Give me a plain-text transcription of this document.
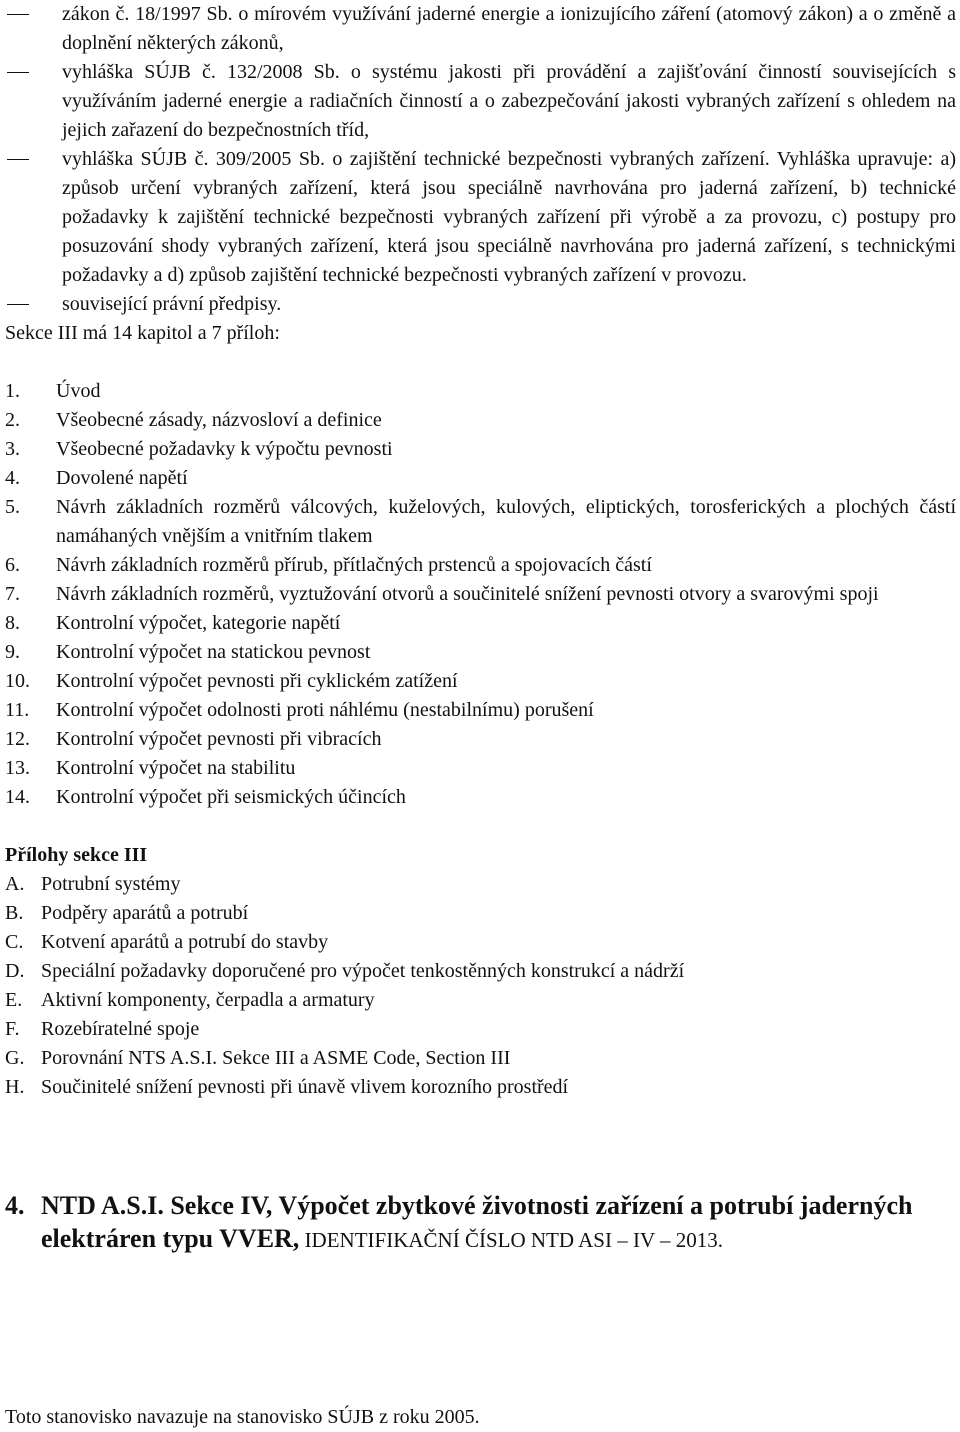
zákon č. 18/1997 Sb. o mírovém využívání jaderné energie a ionizujícího záření (atomový zákon) a o změně a doplnění některých zákonů,
vyhláška SÚJB č. 132/2008 Sb. o systému jakosti při provádění a zajišťování činností souvisejících s využíváním jaderné energie a radiačních činností a o zabezpečování jakosti vybraných zařízení s ohledem na jejich zařazení do bezpečnostních tříd,
vyhláška SÚJB č. 309/2005 Sb. o zajištění technické bezpečnosti vybraných zařízení. Vyhláška upravuje: a) způsob určení vybraných zařízení, která jsou speciálně navrhována pro jaderná zařízení, b) technické požadavky k zajištění technické bezpečnosti vybraných zařízení při výrobě a za provozu, c) postupy pro posuzování shody vybraných zařízení, která jsou speciálně navrhována pro jaderná zařízení, s technickými požadavky a d) způsob zajištění technické bezpečnosti vybraných zařízení v provozu.
související právní předpisy.

Sekce III má 14 kapitol a 7 příloh:

1.	Úvod
2.	Všeobecné zásady, názvosloví a definice
3.	Všeobecné požadavky k výpočtu pevnosti
4.	Dovolené napětí
5.	Návrh základních rozměrů válcových, kuželových, kulových, eliptických, torosferických a plochých částí namáhaných vnějším a vnitřním tlakem
6.	Návrh základních rozměrů přírub, přítlačných prstenců a spojovacích částí
7.	Návrh základních rozměrů, vyztužování otvorů a součinitelé snížení pevnosti otvory a svarovými spoji
8.	Kontrolní výpočet, kategorie napětí
9.	Kontrolní výpočet na statickou pevnost
10.	Kontrolní výpočet pevnosti při cyklickém zatížení
11.	Kontrolní výpočet odolnosti proti náhlému (nestabilnímu) porušení
12.	Kontrolní výpočet pevnosti při vibracích
13.	Kontrolní výpočet na stabilitu
14.	Kontrolní výpočet při seismických účincích

Přílohy sekce III

A. Potrubní systémy
B. Podpěry aparátů a potrubí
C. Kotvení aparátů a potrubí do stavby
D. Speciální požadavky doporučené pro výpočet tenkostěnných konstrukcí a nádrží
E. Aktivní komponenty, čerpadla a armatury
F.	Rozebíratelné spoje
G. Porovnání NTS A.S.I. Sekce III a ASME Code, Section III
H. Součinitelé snížení pevnosti při únavě vlivem korozního prostředí
4. NTD A.S.I. Sekce IV, Výpočet zbytkové životnosti zařízení a potrubí jaderných elektráren typu VVER, IDENTIFIKAČNÍ ČÍSLO NTD ASI – IV – 2013.

Toto stanovisko navazuje na stanovisko SÚJB z roku 2005.
